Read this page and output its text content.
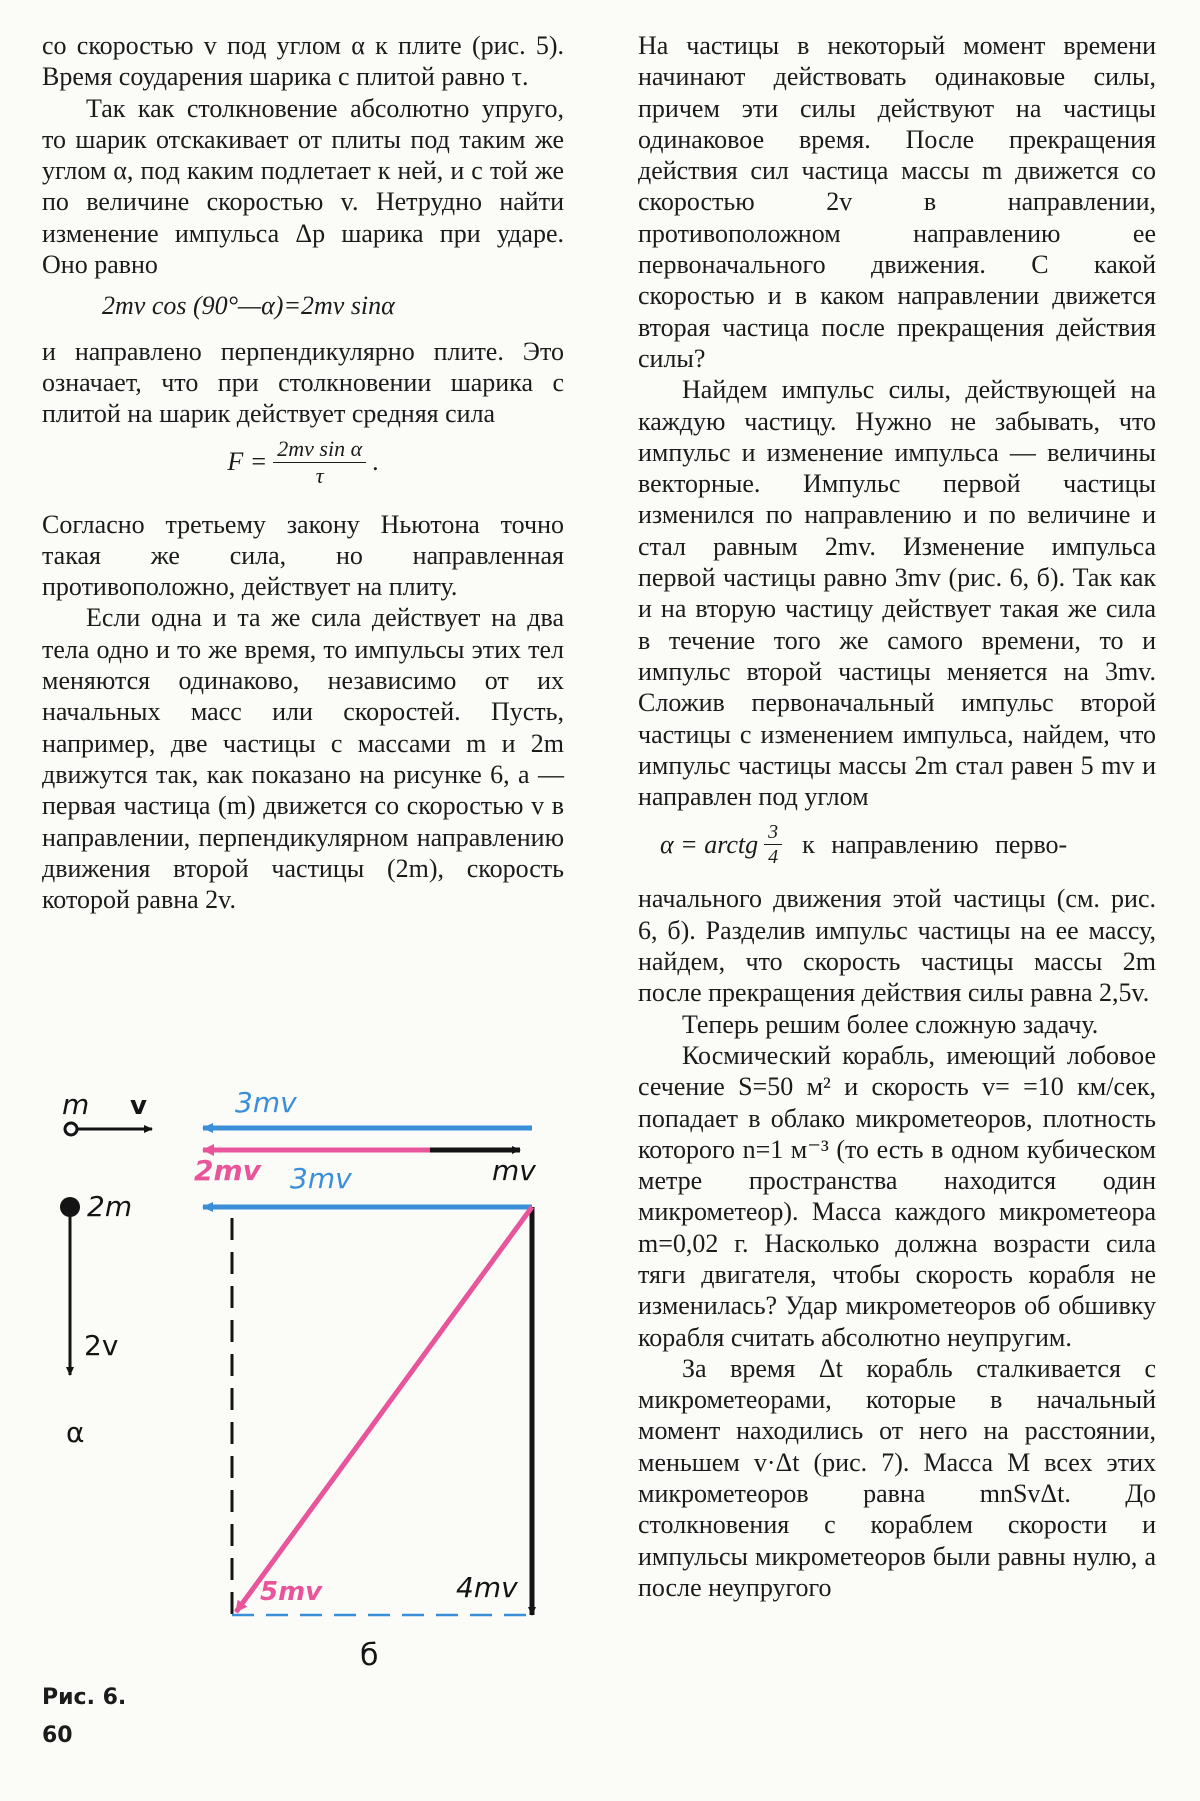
со скоростью v под углом α к плите (рис. 5). Время соударения шарика с плитой равно τ.

Так как столкновение абсолютно упруго, то шарик отскакивает от плиты под таким же углом α, под каким подлетает к ней, и с той же по величине скоростью v. Нетрудно найти изменение импульса Δp шарика при ударе. Оно равно

2mv cos (90°—α)=2mv sinα

и направлено перпендикулярно плите. Это означает, что при столкновении шарика с плитой на шарик действует средняя сила

$F = \frac{\text{2mv sin α}}{\tau}$ .

Согласно третьему закону Ньютона точно такая же сила, но направленная противоположно, действует на плиту.

Если одна и та же сила действует на два тела одно и то же время, то импульсы этих тел меняются одинаково, независимо от их начальных масс или скоростей. Пусть, например, две частицы с массами m и 2m движутся так, как показано на рисунке 6, а — первая частица (m) движется со скоростью v в направлении, перпендикулярном направлению движения второй частицы (2m), скорость которой равна 2v.

На частицы в некоторый момент времени начинают действовать одинаковые силы, причем эти силы действуют на частицы одинаковое время. После прекращения действия сил частица массы m движется со скоростью 2v в направлении, противоположном направлению ее первоначального движения. С какой скоростью и в каком направлении движется вторая частица после прекращения действия силы?

Найдем импульс силы, действующей на каждую частицу. Нужно не забывать, что импульс и изменение импульса — величины векторные. Импульс первой частицы изменился по направлению и по величине и стал равным 2mv. Изменение импульса первой частицы равно 3mv (рис. 6, б). Так как и на вторую частицу действует такая же сила в течение того же самого времени, то и импульс второй частицы меняется на 3mv. Сложив первоначальный импульс второй частицы с изменением импульса, найдем, что импульс частицы массы 2m стал равен 5 mv и направлен под углом

α = arctg $\frac{3}{4}$ к направлению перво-

начального движения этой частицы (см. рис. 6, б). Разделив импульс частицы на ее массу, найдем, что скорость частицы массы 2m после прекращения действия силы равна 2,5v.

Теперь решим более сложную задачу.

Космический корабль, имеющий лобовое сечение S=50 м² и скорость v= =10 км/сек, попадает в облако микрометеоров, плотность которого n=1 м⁻³ (то есть в одном кубическом метре пространства находится один микрометеор). Масса каждого микрометеора m=0,02 г. Насколько должна возрасти сила тяги двигателя, чтобы скорость корабля не изменилась? Удар микрометеоров об обшивку корабля считать абсолютно неупругим.

За время Δt корабль сталкивается с микрометеорами, которые в начальный момент находились от него на расстоянии, меньшем v·Δt (рис. 7). Масса M всех этих микрометеоров равна mnSvΔt. До столкновения с кораблем скорости и импульсы микрометеоров были равны нулю, а после неупругого

m v
2m
2v
α
3mv
2mv 3mv	mv
4mv
5mv
б
Рис. 6.
60
